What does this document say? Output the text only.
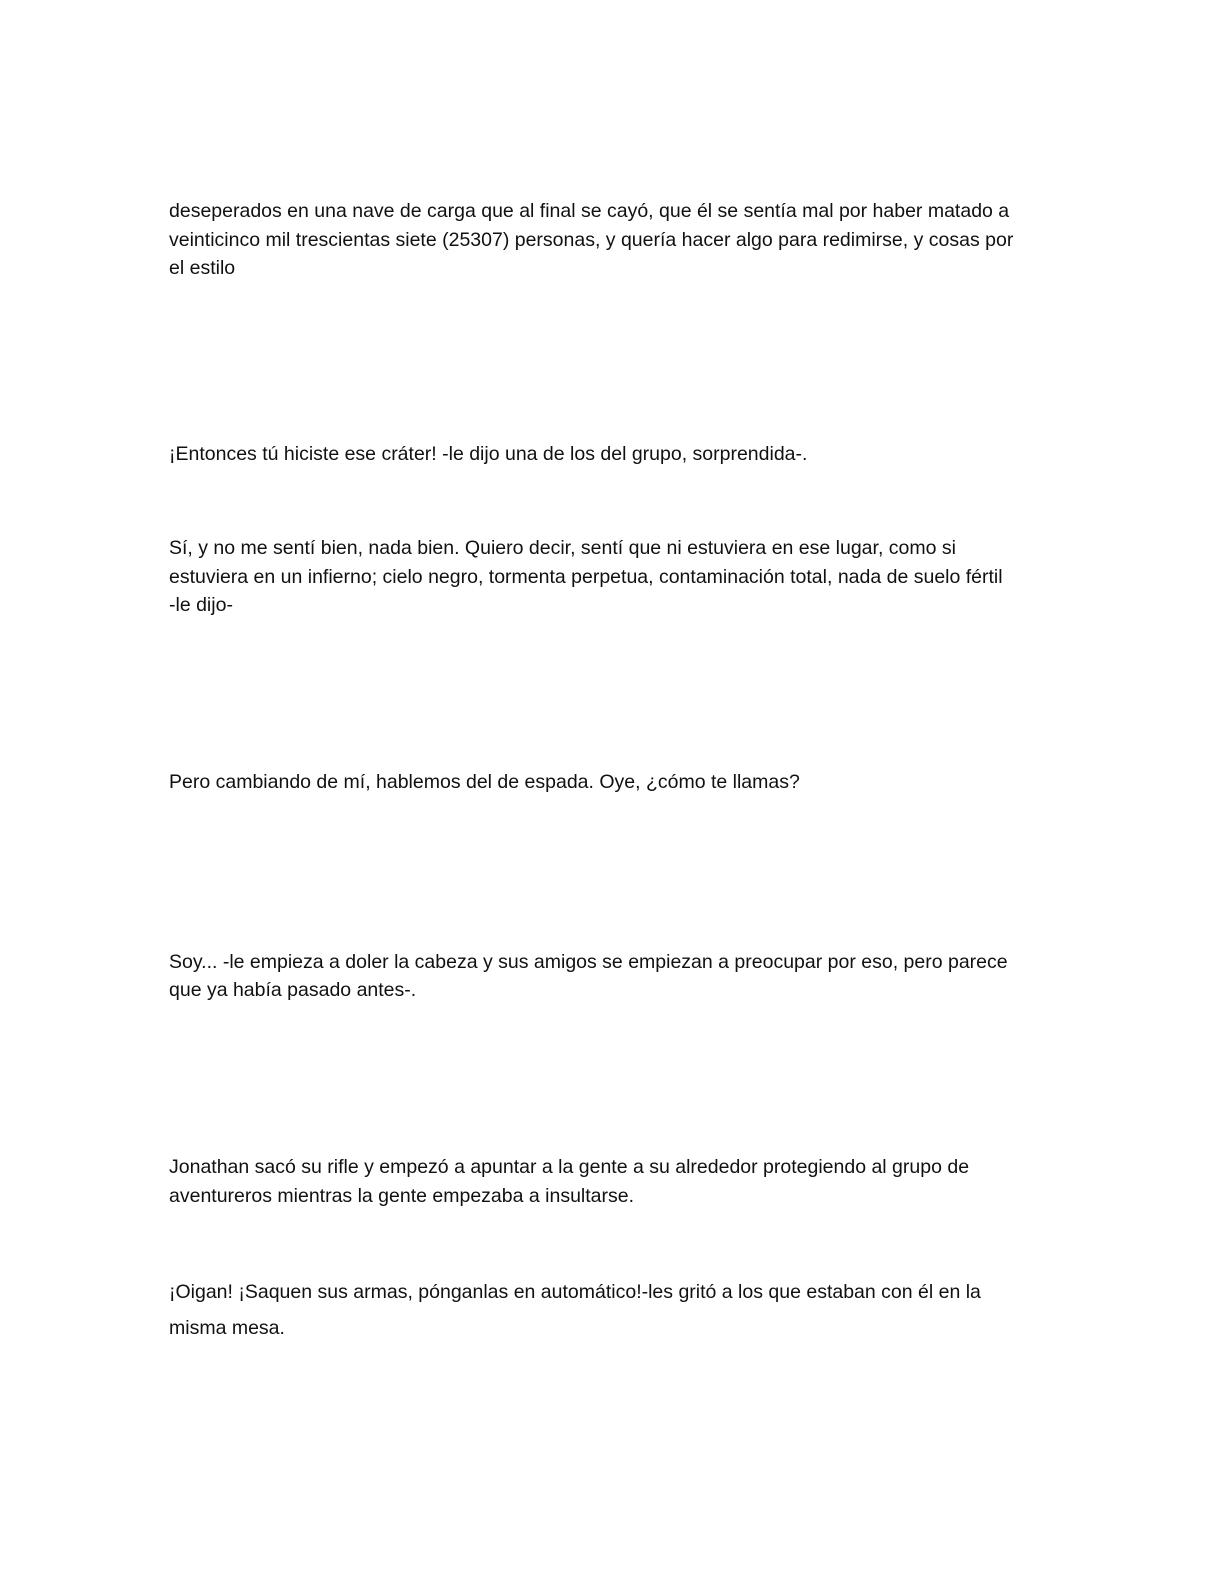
deseperados en una nave de carga que al final se cayó, que él se sentía mal por haber matado a

veinticinco mil trescientas siete (25307) personas, y quería hacer algo para redimirse, y cosas por

el estilo

¡Entonces tú hiciste ese cráter! -le dijo una de los del grupo, sorprendida-.

Sí, y no me sentí bien, nada bien. Quiero decir, sentí que ni estuviera en ese lugar, como si

estuviera en un infierno; cielo negro, tormenta perpetua, contaminación total, nada de suelo fértil

-le dijo-

Pero cambiando de mí, hablemos del de espada. Oye, ¿cómo te llamas?

Soy... -le empieza a doler la cabeza y sus amigos se empiezan a preocupar por eso, pero parece

que ya había pasado antes-.

Jonathan sacó su rifle y empezó a apuntar a la gente a su alrededor protegiendo al grupo de

aventureros mientras la gente empezaba a insultarse.

¡Oigan! ¡Saquen sus armas, pónganlas en automático!-les gritó a los que estaban con él en la

misma mesa.
